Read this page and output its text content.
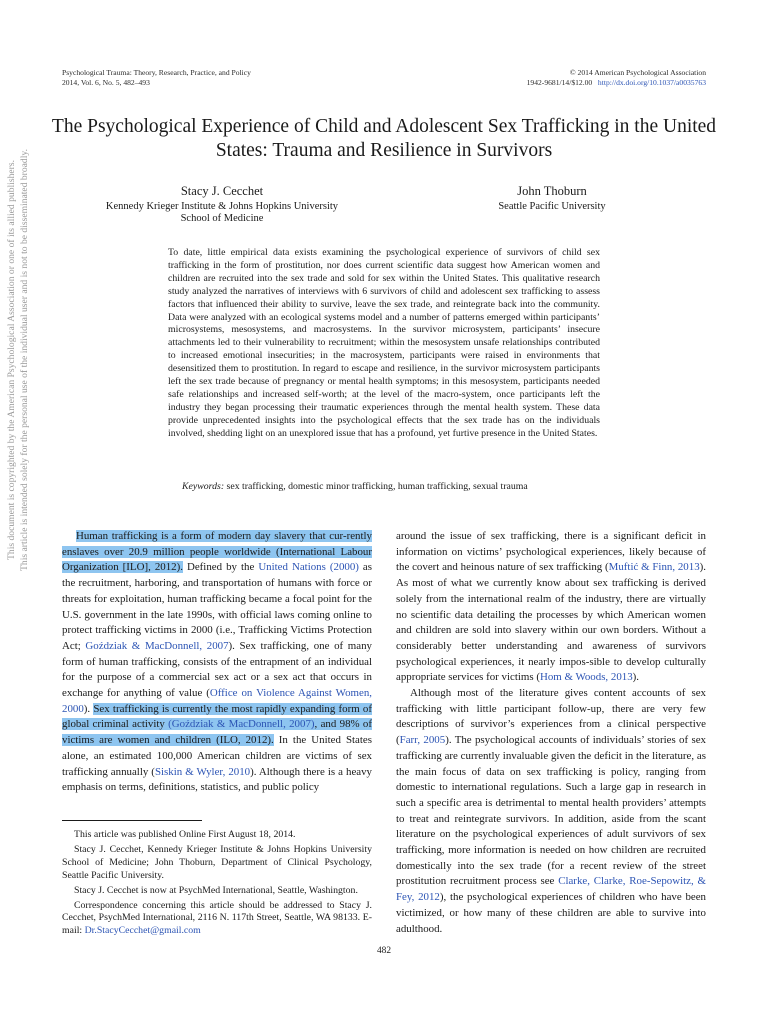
Psychological Trauma: Theory, Research, Practice, and Policy
2014, Vol. 6, No. 5, 482–493
© 2014 American Psychological Association
1942-9681/14/$12.00 http://dx.doi.org/10.1037/a0035763
The Psychological Experience of Child and Adolescent Sex Trafficking in the United States: Trauma and Resilience in Survivors
Stacy J. Cecchet
Kennedy Krieger Institute & Johns Hopkins University
School of Medicine
John Thoburn
Seattle Pacific University
To date, little empirical data exists examining the psychological experience of survivors of child sex trafficking in the form of prostitution, nor does current scientific data suggest how American women and children are recruited into the sex trade and sold for sex within the United States. This qualitative research study analyzed the narratives of interviews with 6 survivors of child and adolescent sex trafficking to assess factors that influenced their ability to survive, leave the sex trade, and reintegrate back into the community. Data were analyzed with an ecological systems model and a number of patterns emerged within participants’ microsystems, mesosystems, and macrosystems. In the survivor microsystem, participants’ insecure attachments led to their vulnerability to recruitment; within the mesosystem unsafe relationships contributed to increased emotional insecurities; in the macrosystem, participants were raised in environments that desensitized them to prostitution. In regard to escape and resilience, in the survivor microsystem participants left the sex trade because of pregnancy or mental health symptoms; in this mesosystem, participants needed safe relationships and increased self-worth; at the level of the macro-system, once participants left the industry they began processing their traumatic experiences through the mental health system. These data provide unprecedented insights into the psychological effects that the sex trade has on the individuals involved, shedding light on an unexplored issue that has a profound, yet furtive presence in the United States.
Keywords: sex trafficking, domestic minor trafficking, human trafficking, sexual trauma

Human trafficking is a form of modern day slavery that cur-rently enslaves over 20.9 million people worldwide (International Labour Organization [ILO], 2012). Defined by the United Nations (2000) as the recruitment, harboring, and transportation of humans with force or threats for exploitation, human trafficking became a focal point for the U.S. government in the late 1990s, with official laws coming online to protect trafficking victims in 2000 (i.e., Trafficking Victims Protection Act; Goździak & MacDonnell, 2007). Sex trafficking, one of many form of human trafficking, consists of the entrapment of an individual for the purpose of a commercial sex act or a sex act that occurs in exchange for anything of value (Office on Violence Against Women, 2000). Sex trafficking is currently the most rapidly expanding form of global criminal activity (Goździak & MacDonnell, 2007), and 98% of victims are women and children (ILO, 2012). In the United States alone, an estimated 100,000 American children are victims of sex trafficking annually (Siskin & Wyler, 2010). Although there is a heavy emphasis on terms, definitions, statistics, and public policy

This article was published Online First August 18, 2014.

Stacy J. Cecchet, Kennedy Krieger Institute & Johns Hopkins University School of Medicine; John Thoburn, Department of Clinical Psychology, Seattle Pacific University.

Stacy J. Cecchet is now at PsychMed International, Seattle, Washington.

Correspondence concerning this article should be addressed to Stacy J. Cecchet, PsychMed International, 2116 N. 117th Street, Seattle, WA 98133. E-mail: Dr.StacyCecchet@gmail.com

around the issue of sex trafficking, there is a significant deficit in information on victims’ psychological experiences, likely because of the covert and heinous nature of sex trafficking (Muftić & Finn, 2013). As most of what we currently know about sex trafficking is derived solely from the international realm of the industry, there are virtually no scientific data detailing the processes by which American women and children are sold into slavery within our own borders. Without a considerably better understanding and awareness of survivors psychological experiences, it nearly impos-sible to develop culturally appropriate services for victims (Hom & Woods, 2013).

Although most of the literature gives content accounts of sex trafficking with little participant follow-up, there are very few descriptions of survivor’s experiences from a clinical perspective (Farr, 2005). The psychological accounts of individuals’ stories of sex trafficking are currently invaluable given the deficit in the literature, as the main focus of data on sex trafficking is policy, ranging from domestic to international regulations. Such a large gap in research in such a specific area is detrimental to mental health providers’ attempts to treat and reintegrate survivors. In addition, aside from the scant literature on the psychological experiences of adult survivors of sex trafficking, more information is needed on how children are recruited domestically into the sex trade (for a recent review of the street prostitution recruitment process see Clarke, Clarke, Roe-Sepowitz, & Fey, 2012), the psychological experiences of children who have been victimized, or how many of these children are able to survive into adulthood.

This document is copyrighted by the American Psychological Association or one of its allied publishers. This article is intended solely for the personal use of the individual user and is not to be disseminated broadly.
482
